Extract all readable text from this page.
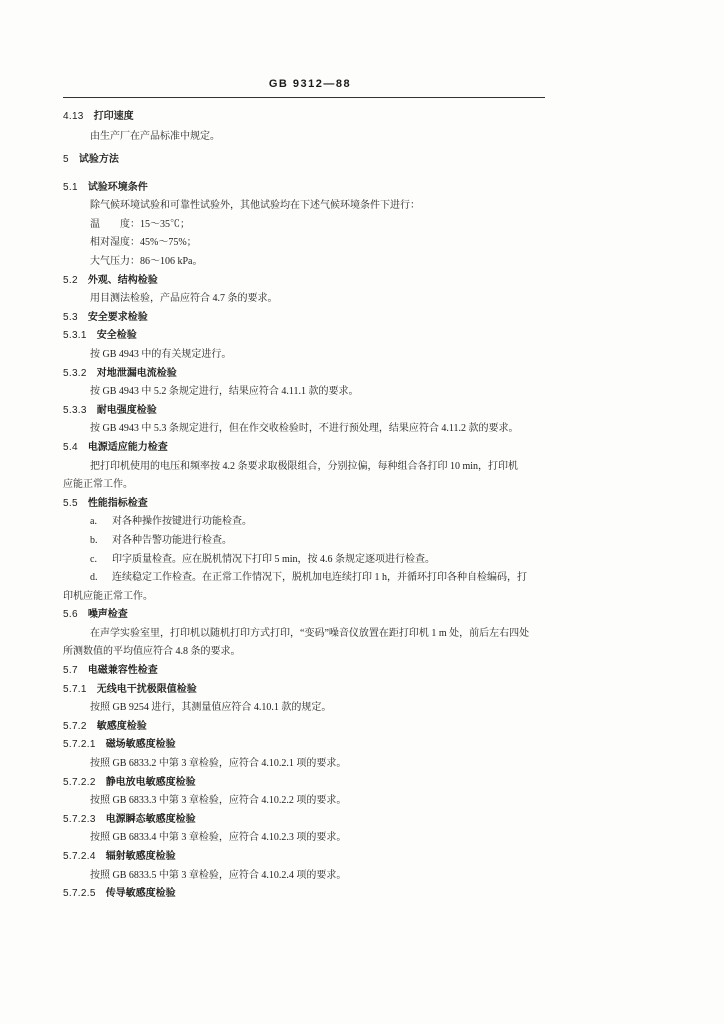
GB 9312—88
4.13 打印速度
由生产厂在产品标准中规定。
5 试验方法
5.1 试验环境条件
除气候环境试验和可靠性试验外，其他试验均在下述气候环境条件下进行：
温　　度：15～35℃；
相对湿度：45%～75%；
大气压力：86～106 kPa。
5.2 外观、结构检验
用目测法检验，产品应符合 4.7 条的要求。
5.3 安全要求检验
5.3.1 安全检验
按 GB 4943 中的有关规定进行。
5.3.2 对地泄漏电流检验
按 GB 4943 中 5.2 条规定进行，结果应符合 4.11.1 款的要求。
5.3.3 耐电强度检验
按 GB 4943 中 5.3 条规定进行，但在作交收检验时，不进行预处理，结果应符合 4.11.2 款的要求。
5.4 电源适应能力检查
把打印机使用的电压和频率按 4.2 条要求取极限组合，分别拉偏，每种组合各打印 10 min，打印机
应能正常工作。
5.5 性能指标检查
a. 对各种操作按键进行功能检查。
b. 对各种告警功能进行检查。
c. 印字质量检查。应在脱机情况下打印 5 min，按 4.6 条规定逐项进行检查。
d. 连续稳定工作检查。在正常工作情况下，脱机加电连续打印 1 h，并循环打印各种自检编码，打
印机应能正常工作。
5.6 噪声检查
在声学实验室里，打印机以随机打印方式打印，“变码”噪音仪放置在距打印机 1 m 处，前后左右四处
所测数值的平均值应符合 4.8 条的要求。
5.7 电磁兼容性检查
5.7.1 无线电干扰极限值检验
按照 GB 9254 进行，其测量值应符合 4.10.1 款的规定。
5.7.2 敏感度检验
5.7.2.1 磁场敏感度检验
按照 GB 6833.2 中第 3 章检验，应符合 4.10.2.1 项的要求。
5.7.2.2 静电放电敏感度检验
按照 GB 6833.3 中第 3 章检验，应符合 4.10.2.2 项的要求。
5.7.2.3 电源瞬态敏感度检验
按照 GB 6833.4 中第 3 章检验，应符合 4.10.2.3 项的要求。
5.7.2.4 辐射敏感度检验
按照 GB 6833.5 中第 3 章检验，应符合 4.10.2.4 项的要求。
5.7.2.5 传导敏感度检验
